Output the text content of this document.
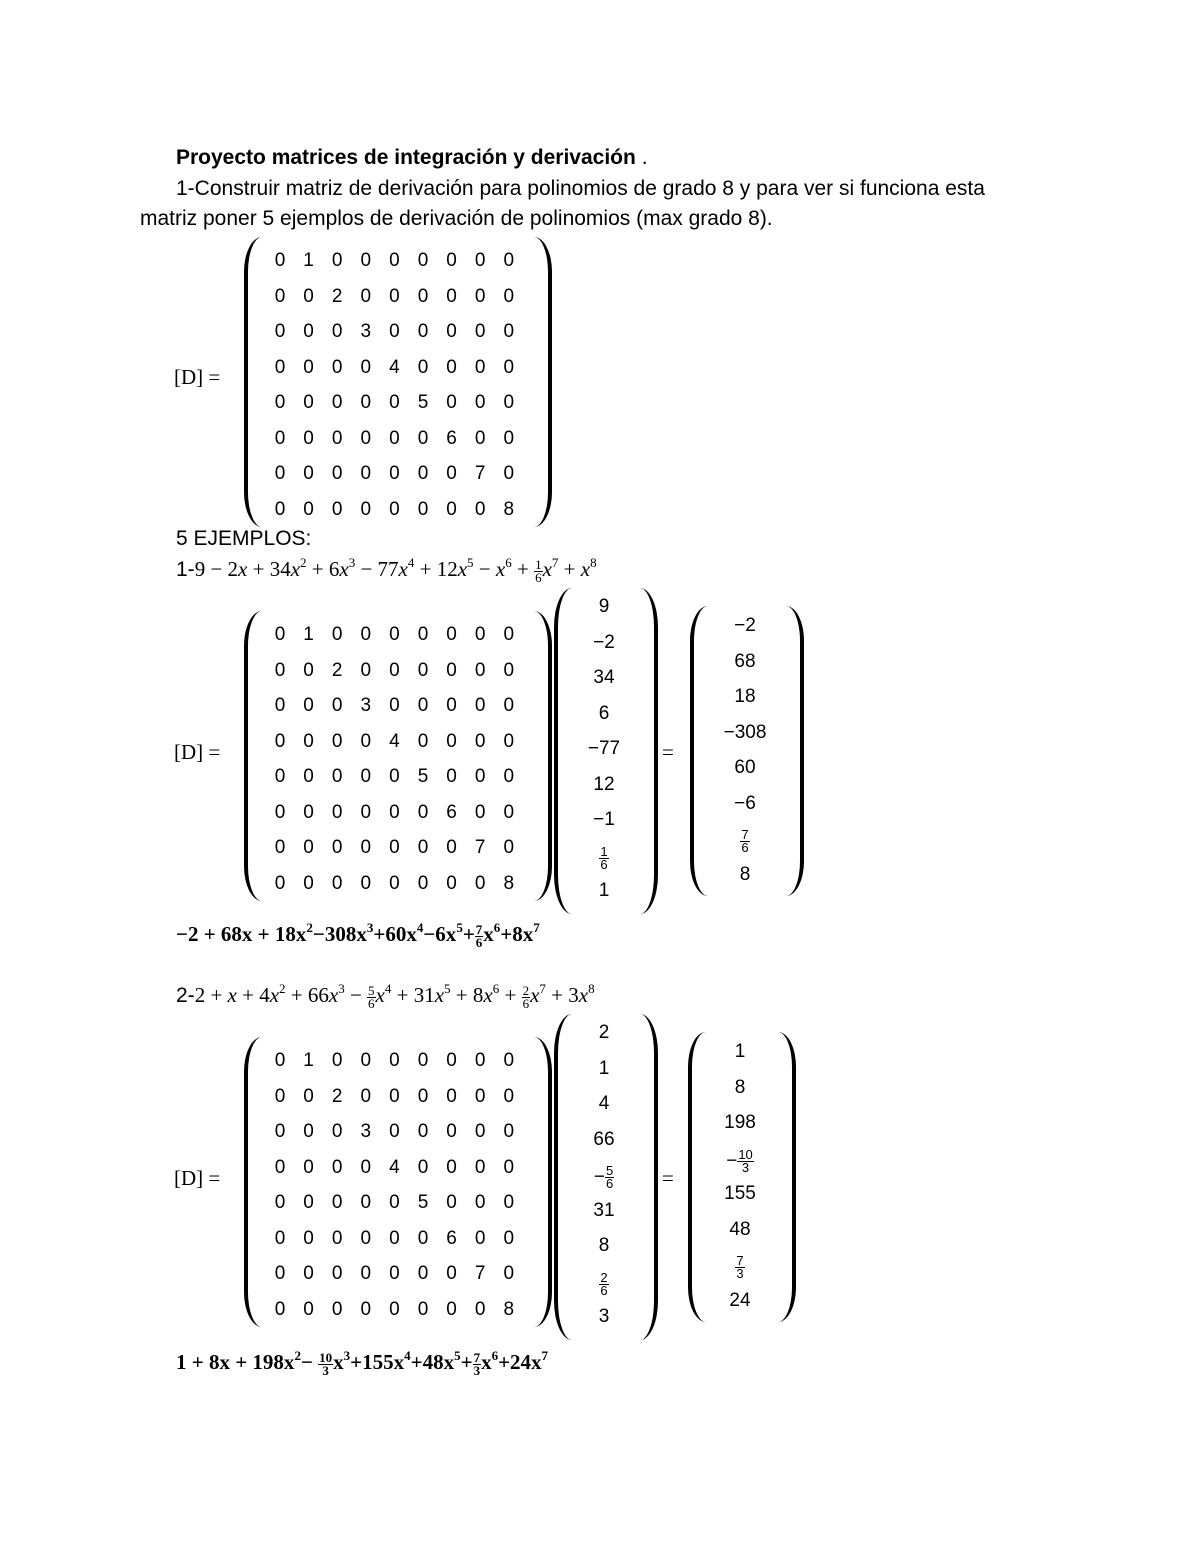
Proyecto matrices de integración y derivación .
1-Construir matriz de derivación para polinomios de grado 8 y para ver si funciona esta
matriz poner 5 ejemplos de derivación de polinomios (max grado 8).
[D] =
0 1 0 0 0 0 0 0 0
0 0 2 0 0 0 0 0 0
0 0 0 3 0 0 0 0 0
0 0 0 0 4 0 0 0 0
0 0 0 0 0 5 0 0 0
0 0 0 0 0 0 6 0 0
0 0 0 0 0 0 0 7 0
0 0 0 0 0 0 0 0 8
5 EJEMPLOS:
$1-9 - 2x + 34x^2 + 6x^3 - 77x^4 + 12x^5 - x^6 + \frac{1}{6} x^7 + x^8$
[D] =
0 1 0 0 0 0 0 0 0
0 0 2 0 0 0 0 0 0
0 0 0 3 0 0 0 0 0
0 0 0 0 4 0 0 0 0
0 0 0 0 0 5 0 0 0
0 0 0 0 0 0 6 0 0
0 0 0 0 0 0 0 7 0
0 0 0 0 0 0 0 0 8
9
−2
34
6
−77
12
−1
$\frac{1}{6}$
1
=
−2
68
18
−308
60
−6
$\frac{7}{6}$
8
$-2 + 68x + 18x^2-308x^3+60x^4-6x^5+ \frac{7}{6} x^6+8x^7$
$2-2 + x + 4x^2 + 66x^3 - \frac{5}{6} x^4 + 31x^5 + 8x^6 + \frac{2}{6} x^7 + 3x^8$
[D] =
0 1 0 0 0 0 0 0 0
0 0 2 0 0 0 0 0 0
0 0 0 3 0 0 0 0 0
0 0 0 0 4 0 0 0 0
0 0 0 0 0 5 0 0 0
0 0 0 0 0 0 6 0 0
0 0 0 0 0 0 0 7 0
0 0 0 0 0 0 0 0 8
2
1
4
66
− $\frac{5}{6}$
31
8
$\frac{2}{6}$
3
=
1
8
198
− $\frac{10}{3}$
155
48
$\frac{7}{3}$
24
$1 + 8x + 198x^2- \frac{10}{3} x^3+155x^4+48x^5+ \frac{7}{3} x^6+24x^7$
